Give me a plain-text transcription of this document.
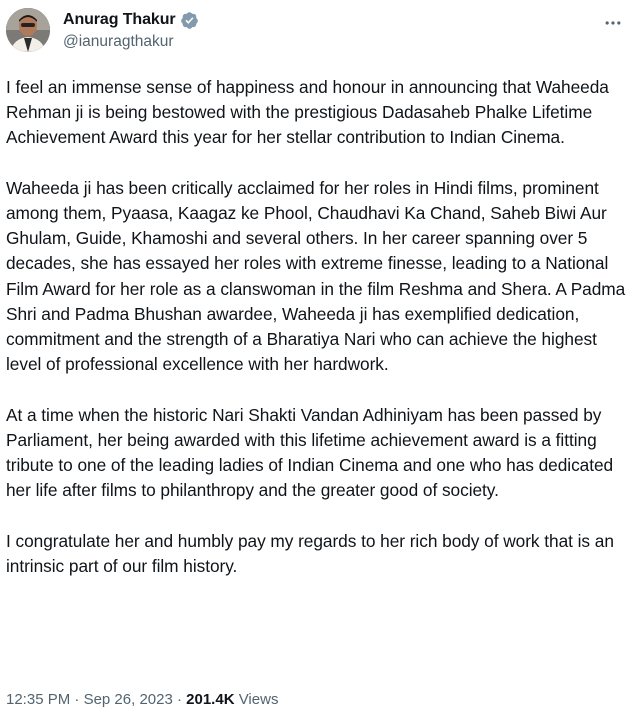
Anurag Thakur
@ianuragthakur

I feel an immense sense of happiness and honour in announcing that Waheeda Rehman ji is being bestowed with the prestigious Dadasaheb Phalke Lifetime Achievement Award this year for her stellar contribution to Indian Cinema.

Waheeda ji has been critically acclaimed for her roles in Hindi films, prominent among them, Pyaasa, Kaagaz ke Phool, Chaudhavi Ka Chand, Saheb Biwi Aur Ghulam, Guide, Khamoshi and several others. In her career spanning over 5 decades, she has essayed her roles with extreme finesse, leading to a National Film Award for her role as a clanswoman in the film Reshma and Shera. A Padma Shri and Padma Bhushan awardee, Waheeda ji has exemplified dedication, commitment and the strength of a Bharatiya Nari who can achieve the highest level of professional excellence with her hardwork.

At a time when the historic Nari Shakti Vandan Adhiniyam has been passed by Parliament, her being awarded with this lifetime achievement award is a fitting tribute to one of the leading ladies of Indian Cinema and one who has dedicated her life after films to philanthropy and the greater good of society.

I congratulate her and humbly pay my regards to her rich body of work that is an intrinsic part of our film history.

12:35 PM · Sep 26, 2023 · 201.4K Views
